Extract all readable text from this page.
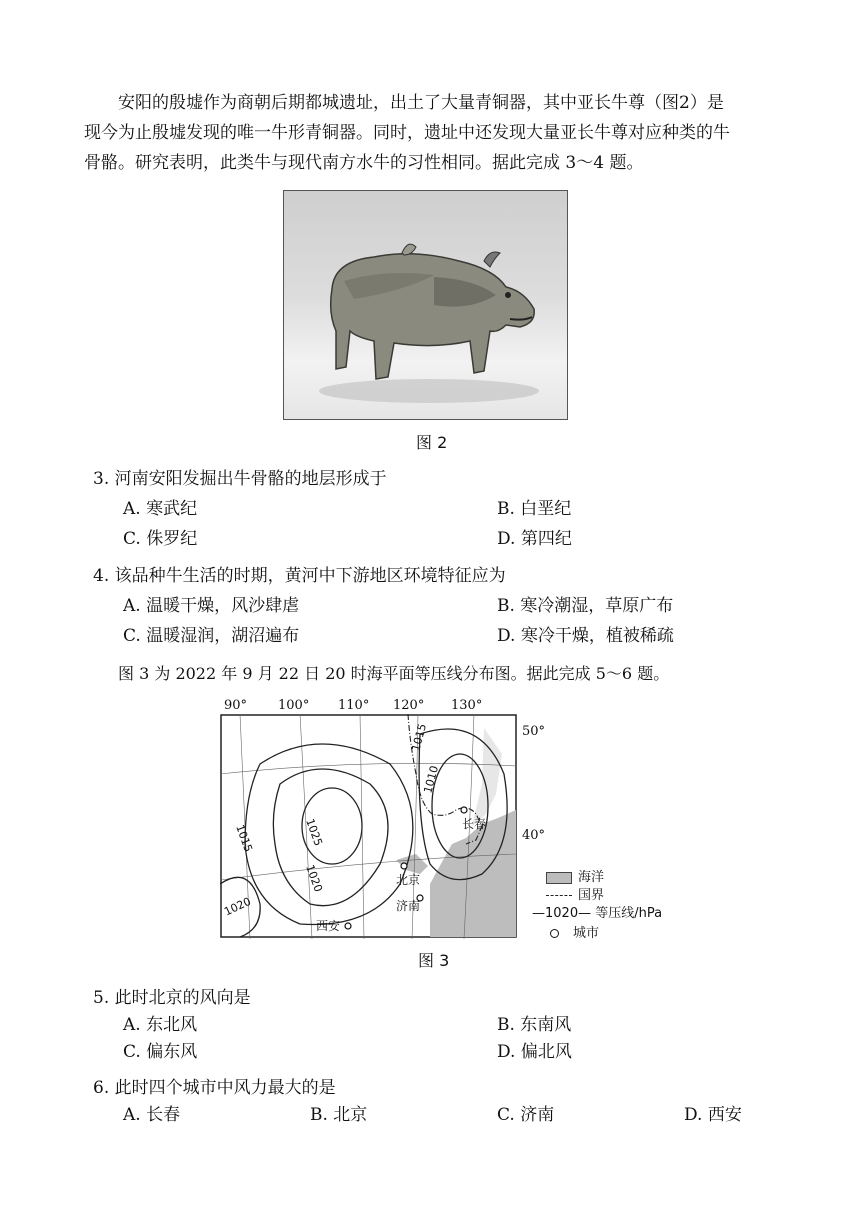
安阳的殷墟作为商朝后期都城遗址，出土了大量青铜器，其中亚长牛尊（图2）是

现今为止殷墟发现的唯一牛形青铜器。同时，遗址中还发现大量亚长牛尊对应种类的牛

骨骼。研究表明，此类牛与现代南方水牛的习性相同。据此完成 3～4 题。

图 2
3. 河南安阳发掘出牛骨骼的地层形成于
A. 寒武纪	B. 白垩纪
C. 侏罗纪	D. 第四纪
4. 该品种牛生活的时期，黄河中下游地区环境特征应为
A. 温暖干燥，风沙肆虐	B. 寒冷潮湿，草原广布
C. 温暖湿润，湖沼遍布	D. 寒冷干燥，植被稀疏
图 3 为 2022 年 9 月 22 日 20 时海平面等压线分布图。据此完成 5～6 题。
1025
1020
1015
1010
1015
1020
长春
北京
济南
西安
90° 100° 110° 120° 130°
50°
40°
海洋
国界
—1020— 等压线/hPa
城市
图 3
5. 此时北京的风向是
A. 东北风	B. 东南风
C. 偏东风	D. 偏北风
6. 此时四个城市中风力最大的是
A. 长春	B. 北京	C. 济南	D. 西安
